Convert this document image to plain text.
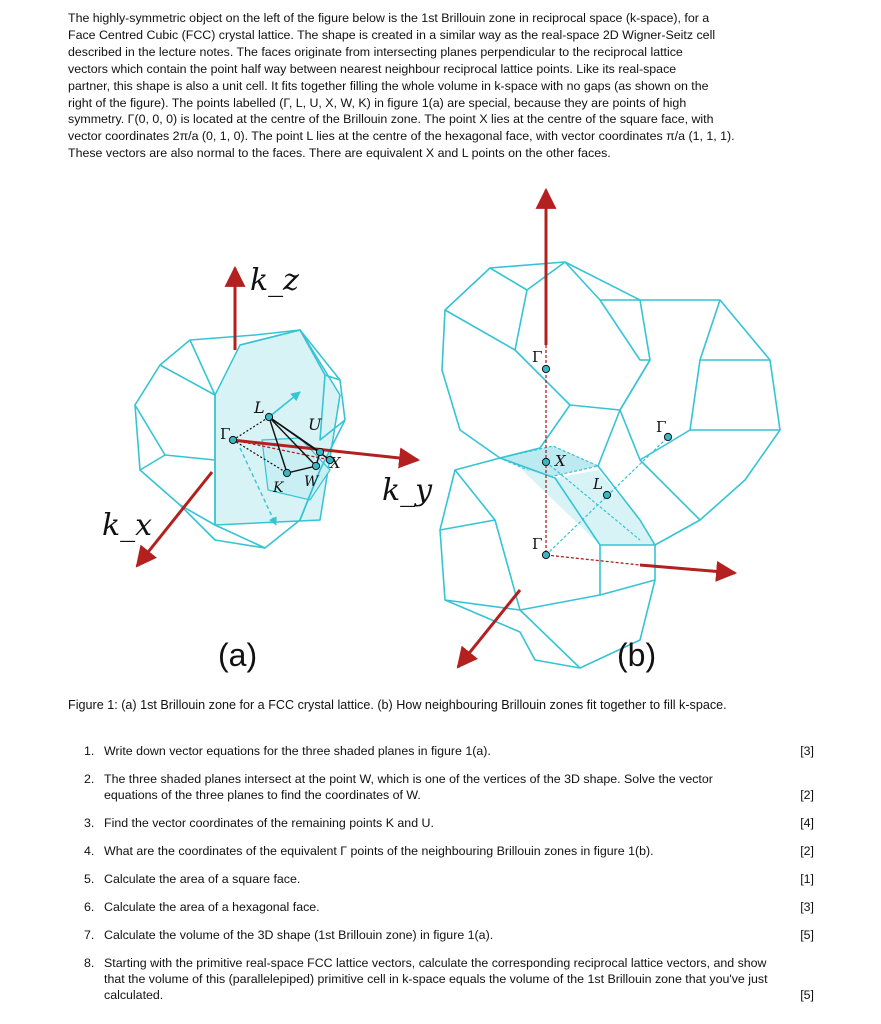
The highly-symmetric object on the left of the figure below is the 1st Brillouin zone in reciprocal space (k-space), for a
Face Centred Cubic (FCC) crystal lattice. The shape is created in a similar way as the real-space 2D Wigner-Seitz cell
described in the lecture notes. The faces originate from intersecting planes perpendicular to the reciprocal lattice
vectors which contain the point half way between nearest neighbour reciprocal lattice points. Like its real-space
partner, this shape is also a unit cell. It fits together filling the whole volume in k-space with no gaps (as shown on the
right of the figure). The points labelled (Γ, L, U, X, W, K) in figure 1(a) are special, because they are points of high
symmetry. Γ(0, 0, 0) is located at the centre of the Brillouin zone. The point X lies at the centre of the square face, with
vector coordinates 2π/a (0, 1, 0). The point L lies at the centre of the hexagonal face, with vector coordinates π/a (1, 1, 1).
These vectors are also normal to the faces. There are equivalent X and L points on the other faces.
Γ
L
U
X
W
K
k_z
k_y
k_x
(a)
Γ
Γ
Γ
X
L
(b)

Figure 1: (a) 1st Brillouin zone for a FCC crystal lattice. (b) How neighbouring Brillouin zones fit together to fill k-space.

1. Write down vector equations for the three shaded planes in figure 1(a).	[3]
2. The three shaded planes intersect at the point W, which is one of the vertices of the 3D shape. Solve the vector equations of the three planes to find the coordinates of W.	[2]
3. Find the vector coordinates of the remaining points K and U.	[4]
4. What are the coordinates of the equivalent Γ points of the neighbouring Brillouin zones in figure 1(b).	[2]
5. Calculate the area of a square face.	[1]
6. Calculate the area of a hexagonal face.	[3]
7. Calculate the volume of the 3D shape (1st Brillouin zone) in figure 1(a).	[5]
8. Starting with the primitive real-space FCC lattice vectors, calculate the corresponding reciprocal lattice vectors, and show that the volume of this (parallelepiped) primitive cell in k-space equals the volume of the 1st Brillouin zone that you've just calculated.	[5]
